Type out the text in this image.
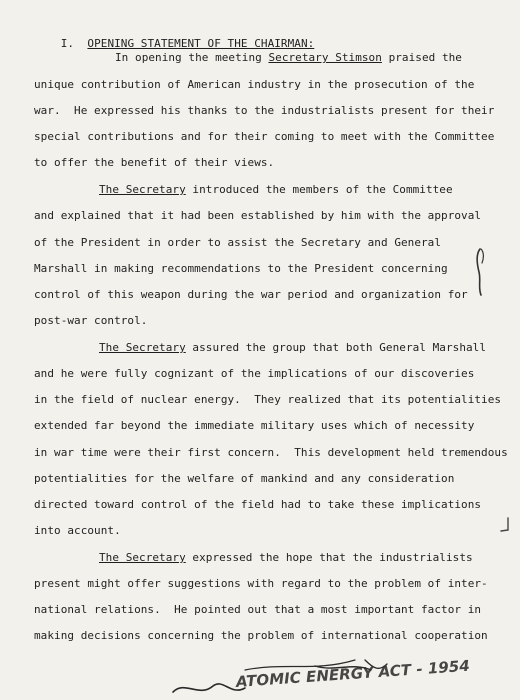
I. OPENING STATEMENT OF THE CHAIRMAN:

In opening the meeting Secretary Stimson praised the
unique contribution of American industry in the prosecution of the
war.  He expressed his thanks to the industrialists present for their
special contributions and for their coming to meet with the Committee
to offer the benefit of their views.
The Secretary introduced the members of the Committee
and explained that it had been established by him with the approval
of the President in order to assist the Secretary and General
Marshall in making recommendations to the President concerning
control of this weapon during the war period and organization for
post-war control.
The Secretary assured the group that both General Marshall
and he were fully cognizant of the implications of our discoveries
in the field of nuclear energy.  They realized that its potentialities
extended far beyond the immediate military uses which of necessity
in war time were their first concern.  This development held tremendous
potentialities for the welfare of mankind and any consideration
directed toward control of the field had to take these implications
into account.
The Secretary expressed the hope that the industrialists
present might offer suggestions with regard to the problem of inter-
national relations.  He pointed out that a most important factor in
making decisions concerning the problem of international cooperation
ATOMIC ENERGY ACT - 1954
